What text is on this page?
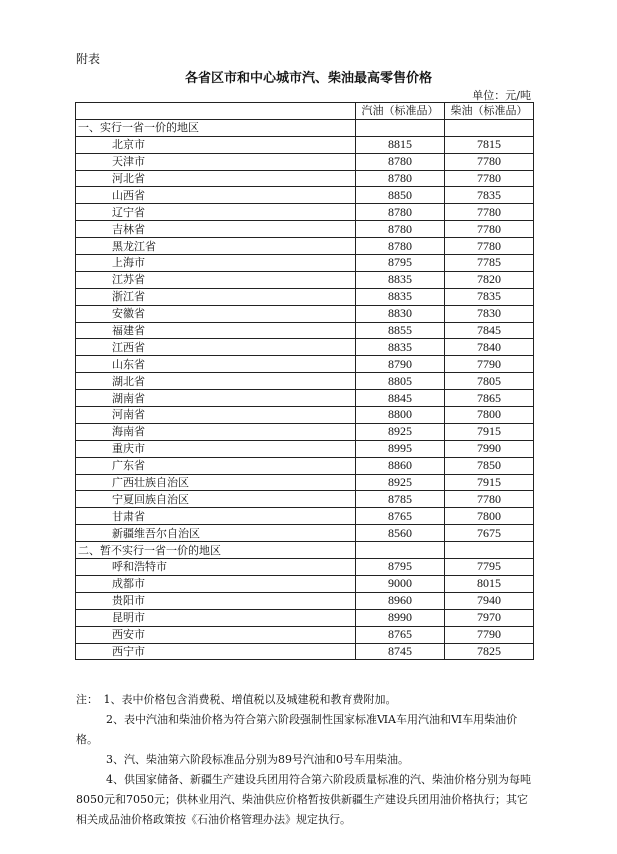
附表
各省区市和中心城市汽、柴油最高零售价格
单位：元/吨
	汽油（标准品）	柴油（标准品）
一、实行一省一价的地区		
北京市	8815	7815
天津市	8780	7780
河北省	8780	7780
山西省	8850	7835
辽宁省	8780	7780
吉林省	8780	7780
黑龙江省	8780	7780
上海市	8795	7785
江苏省	8835	7820
浙江省	8835	7835
安徽省	8830	7830
福建省	8855	7845
江西省	8835	7840
山东省	8790	7790
湖北省	8805	7805
湖南省	8845	7865
河南省	8800	7800
海南省	8925	7915
重庆市	8995	7990
广东省	8860	7850
广西壮族自治区	8925	7915
宁夏回族自治区	8785	7780
甘肃省	8765	7800
新疆维吾尔自治区	8560	7675
二、暂不实行一省一价的地区		
呼和浩特市	8795	7795
成都市	9000	8015
贵阳市	8960	7940
昆明市	8990	7970
西安市	8765	7790
西宁市	8745	7825

注：　1、表中价格包含消费税、增值税以及城建税和教育费附加。

2、表中汽油和柴油价格为符合第六阶段强制性国家标准ⅥA车用汽油和Ⅵ车用柴油价格。

3、汽、柴油第六阶段标准品分别为89号汽油和0号车用柴油。

4、供国家储备、新疆生产建设兵团用符合第六阶段质量标准的汽、柴油价格分别为每吨8050元和7050元；供林业用汽、柴油供应价格暂按供新疆生产建设兵团用油价格执行；其它相关成品油价格政策按《石油价格管理办法》规定执行。
